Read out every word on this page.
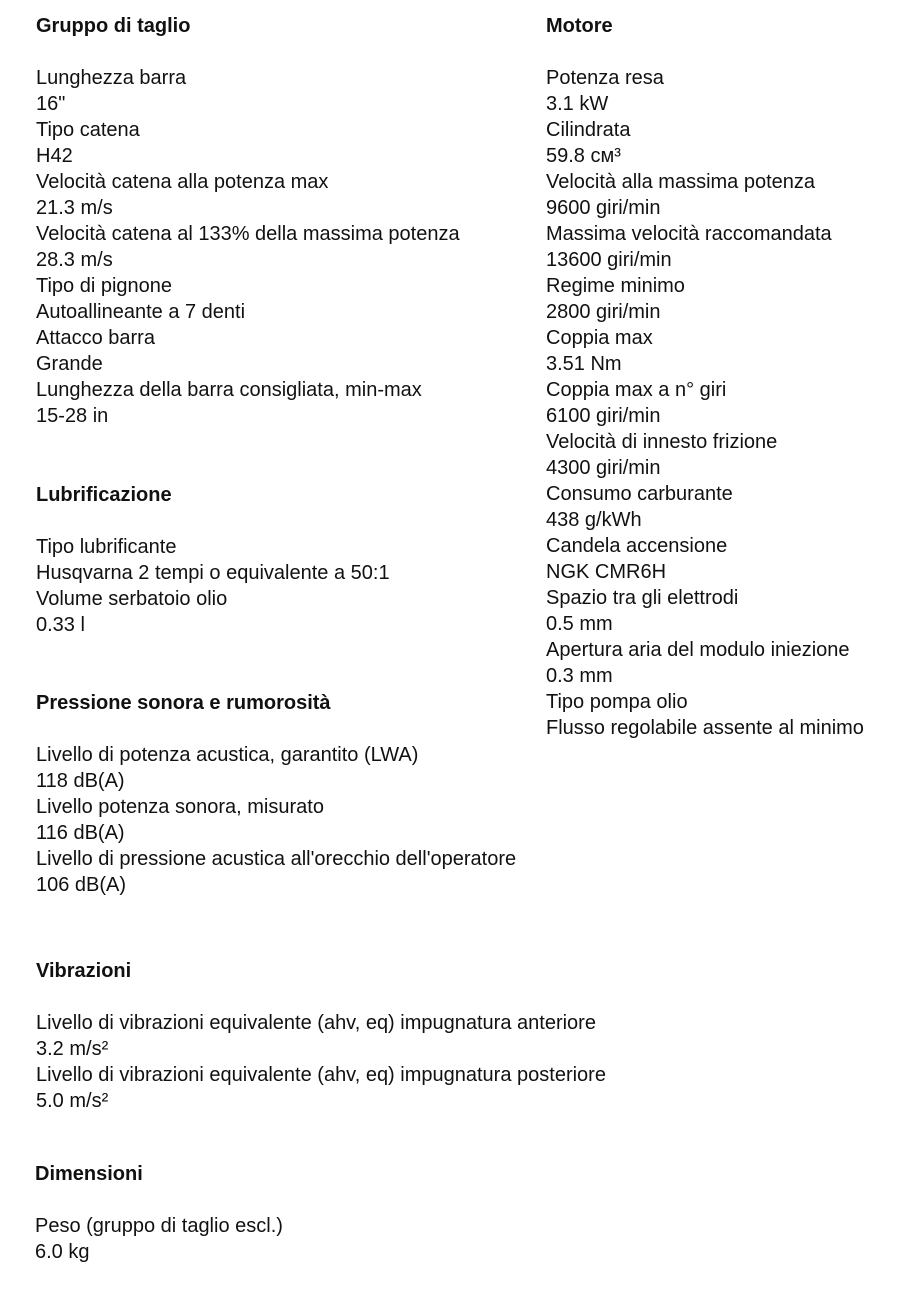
Gruppo di taglio
Lunghezza barra
16"
Tipo catena
H42
Velocità catena alla potenza max
21.3 m/s
Velocità catena al 133% della massima potenza
28.3 m/s
Tipo di pignone
Autoallineante a 7 denti
Attacco barra
Grande
Lunghezza della barra consigliata, min-max
15-28 in
Lubrificazione
Tipo lubrificante
Husqvarna 2 tempi o equivalente a 50:1
Volume serbatoio olio
0.33 l
Pressione sonora e rumorosità
Livello di potenza acustica, garantito (LWA)
118 dB(A)
Livello potenza sonora, misurato
116 dB(A)
Livello di pressione acustica all'orecchio dell'operatore
106 dB(A)
Vibrazioni
Livello di vibrazioni equivalente (ahv, eq) impugnatura anteriore
3.2 m/s²
Livello di vibrazioni equivalente (ahv, eq) impugnatura posteriore
5.0 m/s²
Dimensioni
Peso (gruppo di taglio escl.)
6.0 kg
Motore
Potenza resa
3.1 kW
Cilindrata
59.8 см³
Velocità alla massima potenza
9600 giri/min
Massima velocità raccomandata
13600 giri/min
Regime minimo
2800 giri/min
Coppia max
3.51 Nm
Coppia max a n° giri
6100 giri/min
Velocità di innesto frizione
4300 giri/min
Consumo carburante
438 g/kWh
Candela accensione
NGK CMR6H
Spazio tra gli elettrodi
0.5 mm
Apertura aria del modulo iniezione
0.3 mm
Tipo pompa olio
Flusso regolabile assente al minimo
